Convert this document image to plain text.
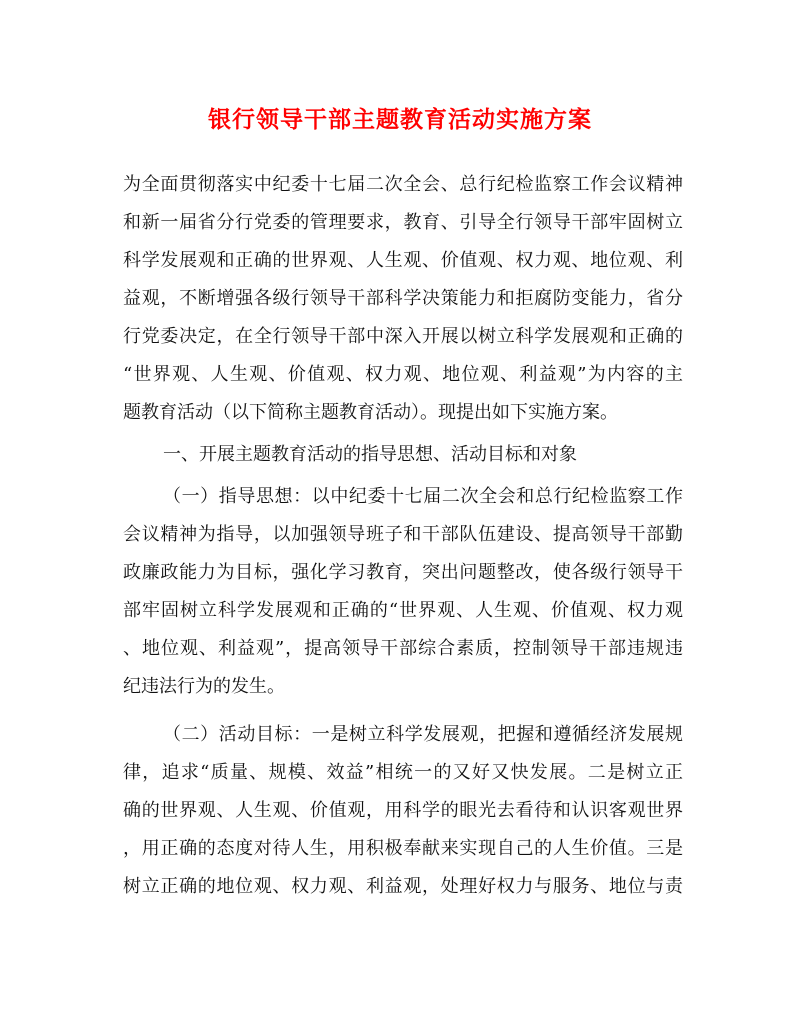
银行领导干部主题教育活动实施方案
为全面贯彻落实中纪委十七届二次全会、总行纪检监察工作会议精神
和新一届省分行党委的管理要求，教育、引导全行领导干部牢固树立
科学发展观和正确的世界观、人生观、价值观、权力观、地位观、利
益观，不断增强各级行领导干部科学决策能力和拒腐防变能力，省分
行党委决定，在全行领导干部中深入开展以树立科学发展观和正确的
“世界观、人生观、价值观、权力观、地位观、利益观”为内容的主
题教育活动（以下简称主题教育活动）。现提出如下实施方案。
一、开展主题教育活动的指导思想、活动目标和对象
（一）指导思想：以中纪委十七届二次全会和总行纪检监察工作
会议精神为指导，以加强领导班子和干部队伍建设、提高领导干部勤
政廉政能力为目标，强化学习教育，突出问题整改，使各级行领导干
部牢固树立科学发展观和正确的“世界观、人生观、价值观、权力观
、地位观、利益观”，提高领导干部综合素质，控制领导干部违规违
纪违法行为的发生。
（二）活动目标：一是树立科学发展观，把握和遵循经济发展规
律，追求“质量、规模、效益”相统一的又好又快发展。二是树立正
确的世界观、人生观、价值观，用科学的眼光去看待和认识客观世界
，用正确的态度对待人生，用积极奉献来实现自己的人生价值。三是
树立正确的地位观、权力观、利益观，处理好权力与服务、地位与责
